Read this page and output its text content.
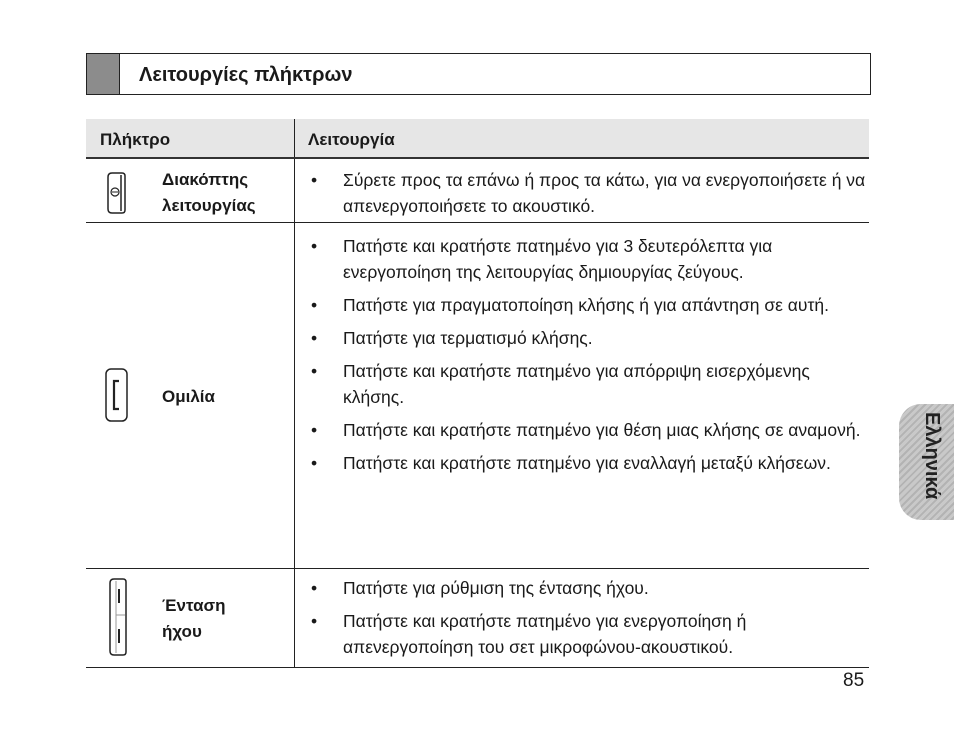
Λειτουργίες πλήκτρων
Πλήκτρο	Λειτουργία
Διακόπτης
λειτουργίας
• Σύρετε προς τα επάνω ή προς τα κάτω, για να ενεργοποιήσετε ή να απενεργοποιήσετε το ακουστικό.
Ομιλία
• Πατήστε και κρατήστε πατημένο για 3 δευτερόλεπτα για ενεργοποίηση της λειτουργίας δημιουργίας ζεύγους.
• Πατήστε για πραγματοποίηση κλήσης ή για απάντηση σε αυτή.
• Πατήστε για τερματισμό κλήσης.
• Πατήστε και κρατήστε πατημένο για απόρριψη εισερχόμενης κλήσης.
• Πατήστε και κρατήστε πατημένο για θέση μιας κλήσης σε αναμονή.
• Πατήστε και κρατήστε πατημένο για εναλλαγή μεταξύ κλήσεων.
Ένταση
ήχου
• Πατήστε για ρύθμιση της έντασης ήχου.
• Πατήστε και κρατήστε πατημένο για ενεργοποίηση ή απενεργοποίηση του σετ μικροφώνου-ακουστικού.
Ελληνικά
85
